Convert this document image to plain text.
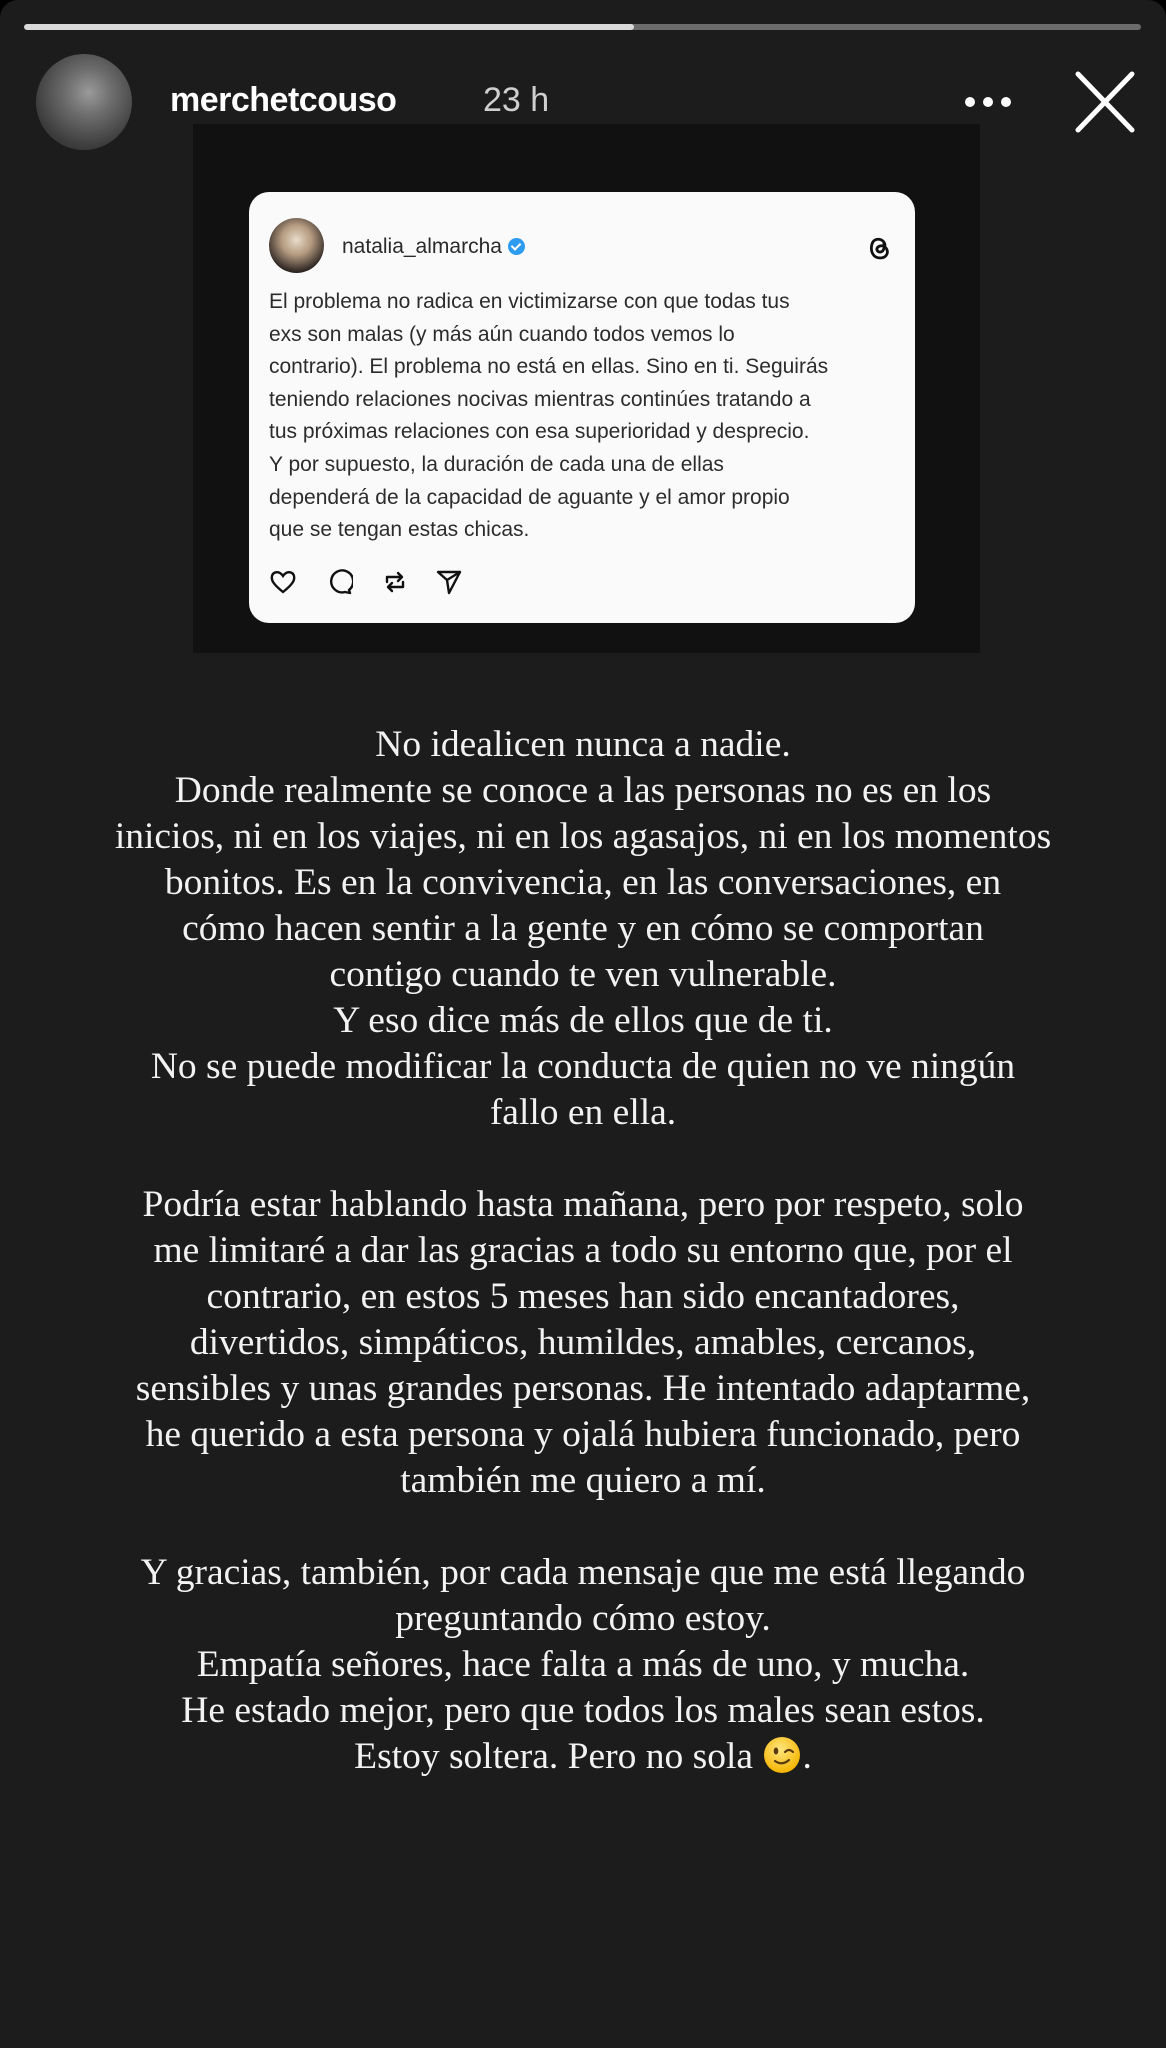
merchetcouso	23 h
natalia_almarcha
El problema no radica en victimizarse con que todas tus
exs son malas (y más aún cuando todos vemos lo
contrario). El problema no está en ellas. Sino en ti. Seguirás
teniendo relaciones nocivas mientras continúes tratando a
tus próximas relaciones con esa superioridad y desprecio.
Y por supuesto, la duración de cada una de ellas
dependerá de la capacidad de aguante y el amor propio
que se tengan estas chicas.
No idealicen nunca a nadie.
Donde realmente se conoce a las personas no es en los
inicios, ni en los viajes, ni en los agasajos, ni en los momentos
bonitos. Es en la convivencia, en las conversaciones, en
cómo hacen sentir a la gente y en cómo se comportan
contigo cuando te ven vulnerable.
Y eso dice más de ellos que de ti.
No se puede modificar la conducta de quien no ve ningún
fallo en ella.
Podría estar hablando hasta mañana, pero por respeto, solo
me limitaré a dar las gracias a todo su entorno que, por el
contrario, en estos 5 meses han sido encantadores,
divertidos, simpáticos, humildes, amables, cercanos,
sensibles y unas grandes personas. He intentado adaptarme,
he querido a esta persona y ojalá hubiera funcionado, pero
también me quiero a mí.
Y gracias, también, por cada mensaje que me está llegando
preguntando cómo estoy.
Empatía señores, hace falta a más de uno, y mucha.
He estado mejor, pero que todos los males sean estos.
Estoy soltera. Pero no sola .
